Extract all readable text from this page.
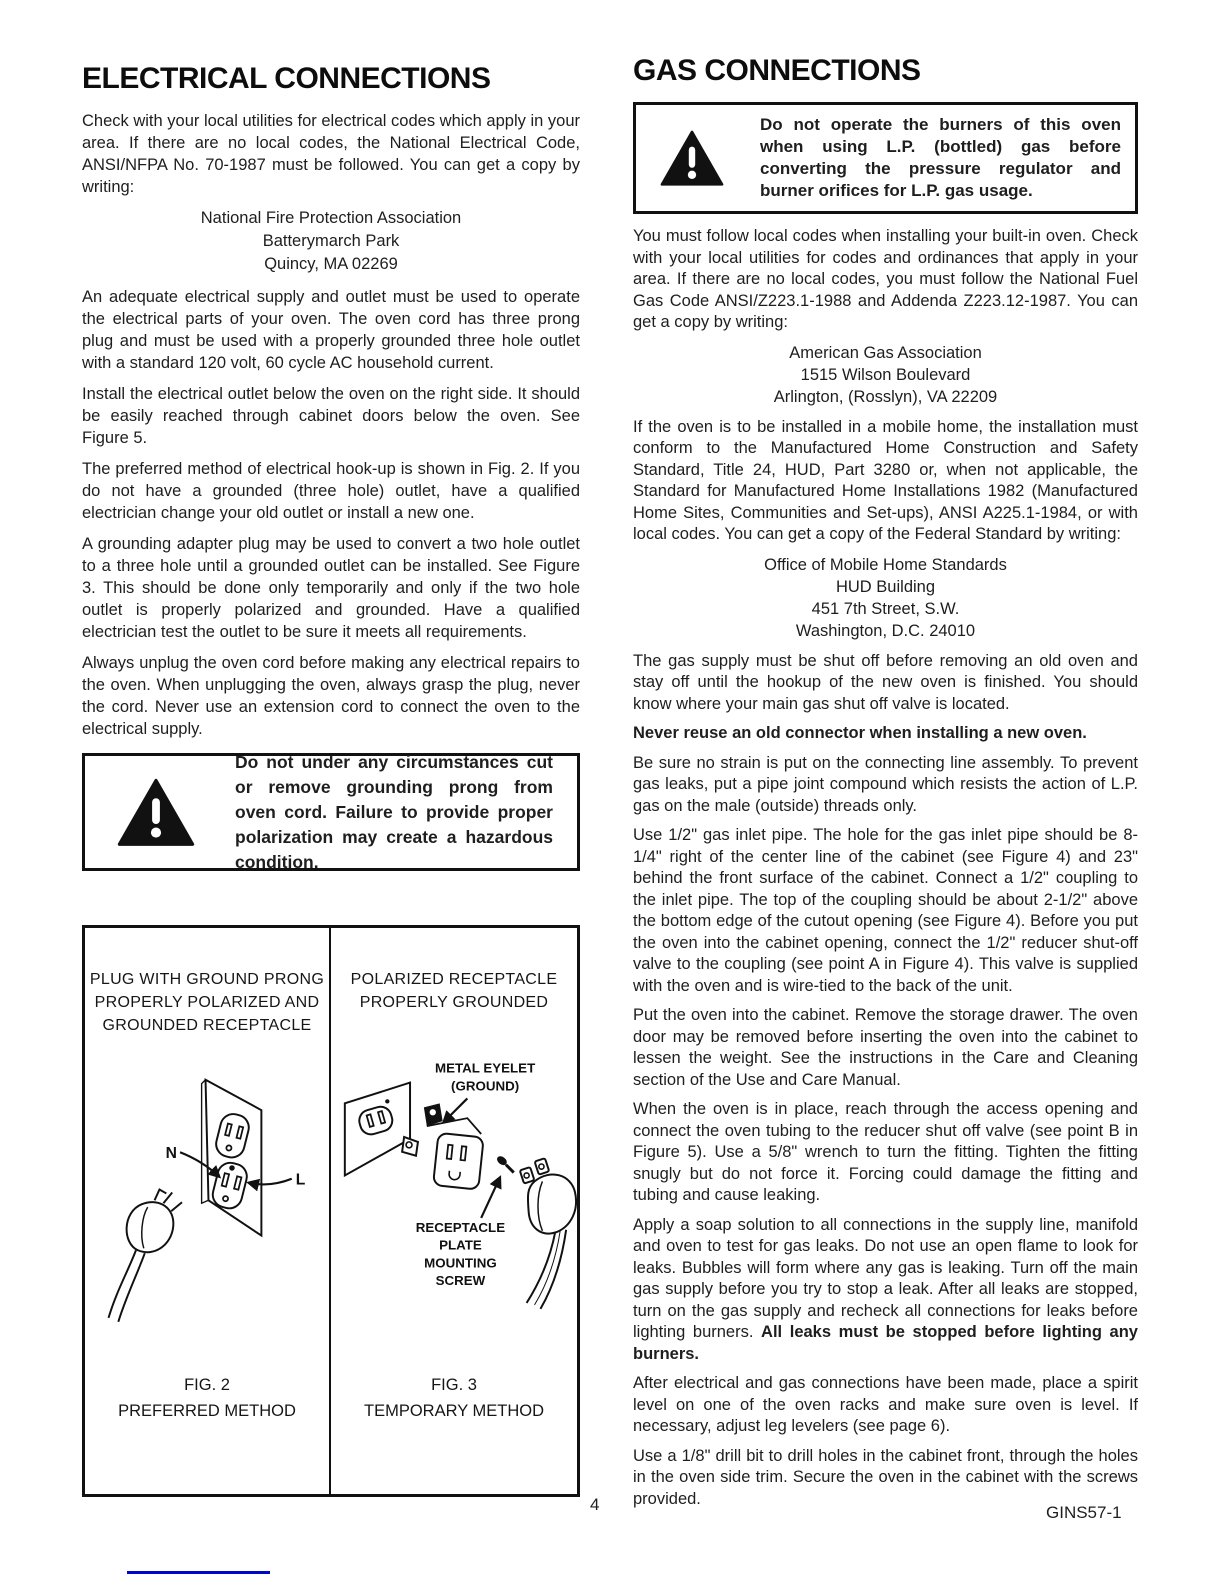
ELECTRICAL CONNECTIONS

Check with your local utilities for electrical codes which apply in your area. If there are no local codes, the National Electrical Code, ANSI/NFPA No. 70-1987 must be followed. You can get a copy by writing:

National Fire Protection Association
Batterymarch Park
Quincy, MA 02269

An adequate electrical supply and outlet must be used to operate the electrical parts of your oven. The oven cord has three prong plug and must be used with a properly grounded three hole outlet with a standard 120 volt, 60 cycle AC household current.

Install the electrical outlet below the oven on the right side. It should be easily reached through cabinet doors below the oven. See Figure 5.

The preferred method of electrical hook-up is shown in Fig. 2. If you do not have a grounded (three hole) outlet, have a qualified electrician change your old outlet or install a new one.

A grounding adapter plug may be used to convert a two hole outlet to a three hole until a grounded outlet can be installed. See Figure 3. This should be done only temporarily and only if the two hole outlet is properly polarized and grounded. Have a qualified electrician test the outlet to be sure it meets all requirements.

Always unplug the oven cord before making any electrical repairs to the oven. When unplugging the oven, always grasp the plug, never the cord. Never use an extension cord to connect the oven to the electrical supply.

Do not under any circumstances cut or remove grounding prong from oven cord. Failure to provide proper polarization may create a hazardous condition.

PLUG WITH GROUND PRONG
PROPERLY POLARIZED AND
GROUNDED RECEPTACLE
N
L
FIG. 2
PREFERRED METHOD
POLARIZED RECEPTACLE
PROPERLY GROUNDED
METAL EYELET
(GROUND)
RECEPTACLE
PLATE
MOUNTING
SCREW
FIG. 3
TEMPORARY METHOD
GAS CONNECTIONS

Do not operate the burners of this oven when using L.P. (bottled) gas before converting the pressure regulator and burner orifices for L.P. gas usage.

You must follow local codes when installing your built-in oven. Check with your local utilities for codes and ordinances that apply in your area. If there are no local codes, you must follow the National Fuel Gas Code ANSI/Z223.1-1988 and Addenda Z223.12-1987. You can get a copy by writing:

American Gas Association
1515 Wilson Boulevard
Arlington, (Rosslyn), VA 22209

If the oven is to be installed in a mobile home, the installation must conform to the Manufactured Home Construction and Safety Standard, Title 24, HUD, Part 3280 or, when not applicable, the Standard for Manufactured Home Installations 1982 (Manufactured Home Sites, Communities and Set-ups), ANSI A225.1-1984, or with local codes. You can get a copy of the Federal Standard by writing:

Office of Mobile Home Standards
HUD Building
451 7th Street, S.W.
Washington, D.C. 24010

The gas supply must be shut off before removing an old oven and stay off until the hookup of the new oven is finished. You should know where your main gas shut off valve is located.

Never reuse an old connector when installing a new oven.

Be sure no strain is put on the connecting line assembly. To prevent gas leaks, put a pipe joint compound which resists the action of L.P. gas on the male (outside) threads only.

Use 1/2" gas inlet pipe. The hole for the gas inlet pipe should be 8-1/4" right of the center line of the cabinet (see Figure 4) and 23" behind the front surface of the cabinet. Connect a 1/2" coupling to the inlet pipe. The top of the coupling should be about 2-1/2" above the bottom edge of the cutout opening (see Figure 4). Before you put the oven into the cabinet opening, connect the 1/2" reducer shut-off valve to the coupling (see point A in Figure 4). This valve is supplied with the oven and is wire-tied to the back of the unit.

Put the oven into the cabinet. Remove the storage drawer. The oven door may be removed before inserting the oven into the cabinet to lessen the weight. See the instructions in the Care and Cleaning section of the Use and Care Manual.

When the oven is in place, reach through the access opening and connect the oven tubing to the reducer shut off valve (see point B in Figure 5). Use a 5/8" wrench to turn the fitting. Tighten the fitting snugly but do not force it. Forcing could damage the fitting and tubing and cause leaking.

Apply a soap solution to all connections in the supply line, manifold and oven to test for gas leaks. Do not use an open flame to look for leaks. Bubbles will form where any gas is leaking. Turn off the main gas supply before you try to stop a leak. After all leaks are stopped, turn on the gas supply and recheck all connections for leaks before lighting burners. All leaks must be stopped before lighting any burners.

After electrical and gas connections have been made, place a spirit level on one of the oven racks and make sure oven is level. If necessary, adjust leg levelers (see page 6).

Use a 1/8" drill bit to drill holes in the cabinet front, through the holes in the oven side trim. Secure the oven in the cabinet with the screws provided.

4	GINS57-1
